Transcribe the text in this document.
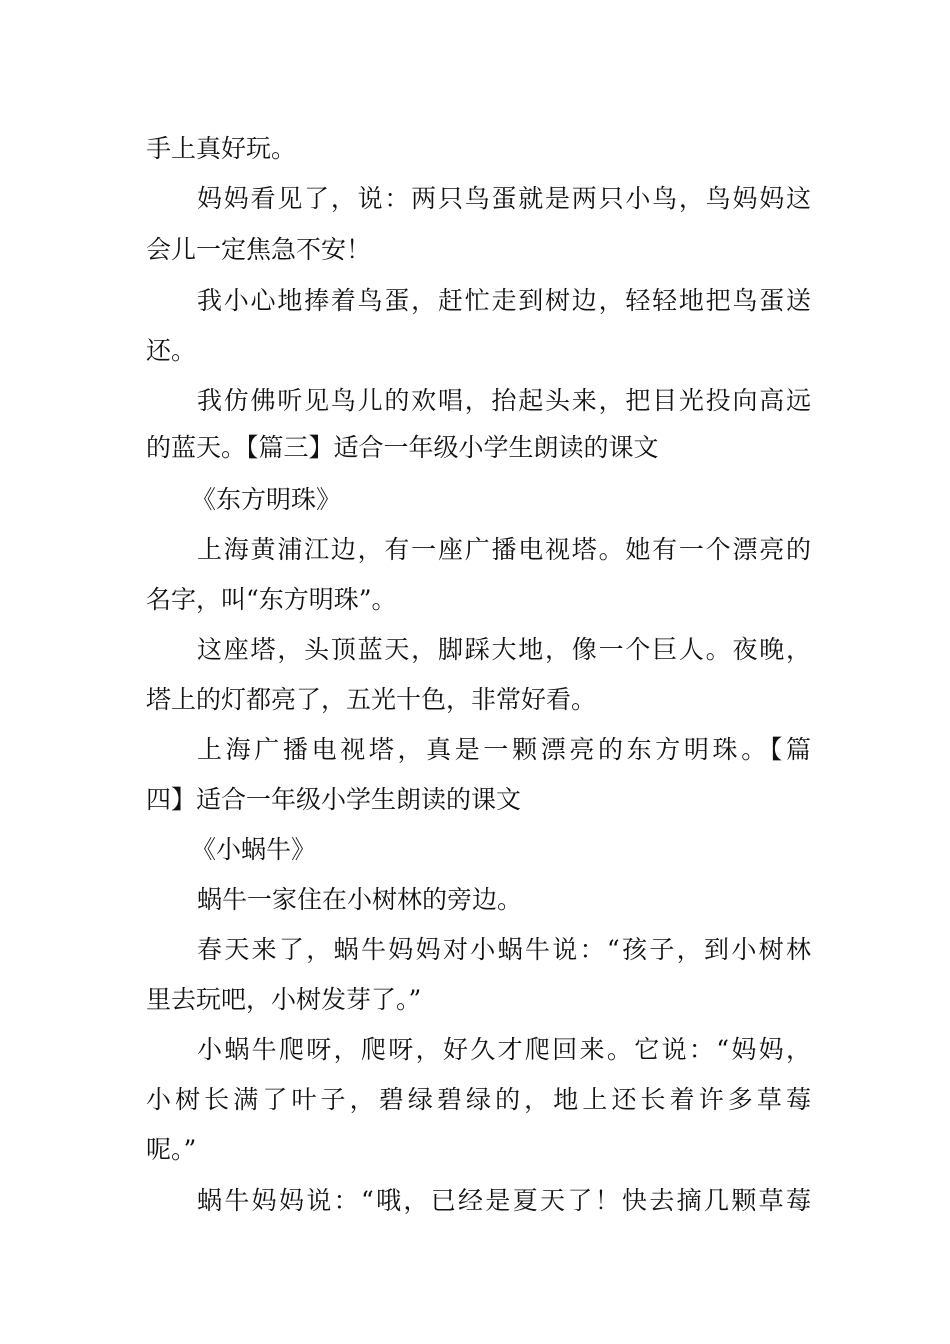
手上真好玩。
妈妈看见了，说：两只鸟蛋就是两只小鸟，鸟妈妈这
会儿一定焦急不安！
我小心地捧着鸟蛋，赶忙走到树边，轻轻地把鸟蛋送
还。
我仿佛听见鸟儿的欢唱，抬起头来，把目光投向高远
的蓝天。【篇三】适合一年级小学生朗读的课文
《东方明珠》
上海黄浦江边，有一座广播电视塔。她有一个漂亮的
名字，叫“东方明珠”。
这座塔，头顶蓝天，脚踩大地，像一个巨人。夜晚，
塔上的灯都亮了，五光十色，非常好看。
上海广播电视塔，真是一颗漂亮的东方明珠。【篇
四】适合一年级小学生朗读的课文
《小蜗牛》
蜗牛一家住在小树林的旁边。
春天来了，蜗牛妈妈对小蜗牛说：“孩子，到小树林
里去玩吧，小树发芽了。”
小蜗牛爬呀，爬呀，好久才爬回来。它说：“妈妈，
小树长满了叶子，碧绿碧绿的，地上还长着许多草莓
呢。”
蜗牛妈妈说：“哦，已经是夏天了！快去摘几颗草莓
